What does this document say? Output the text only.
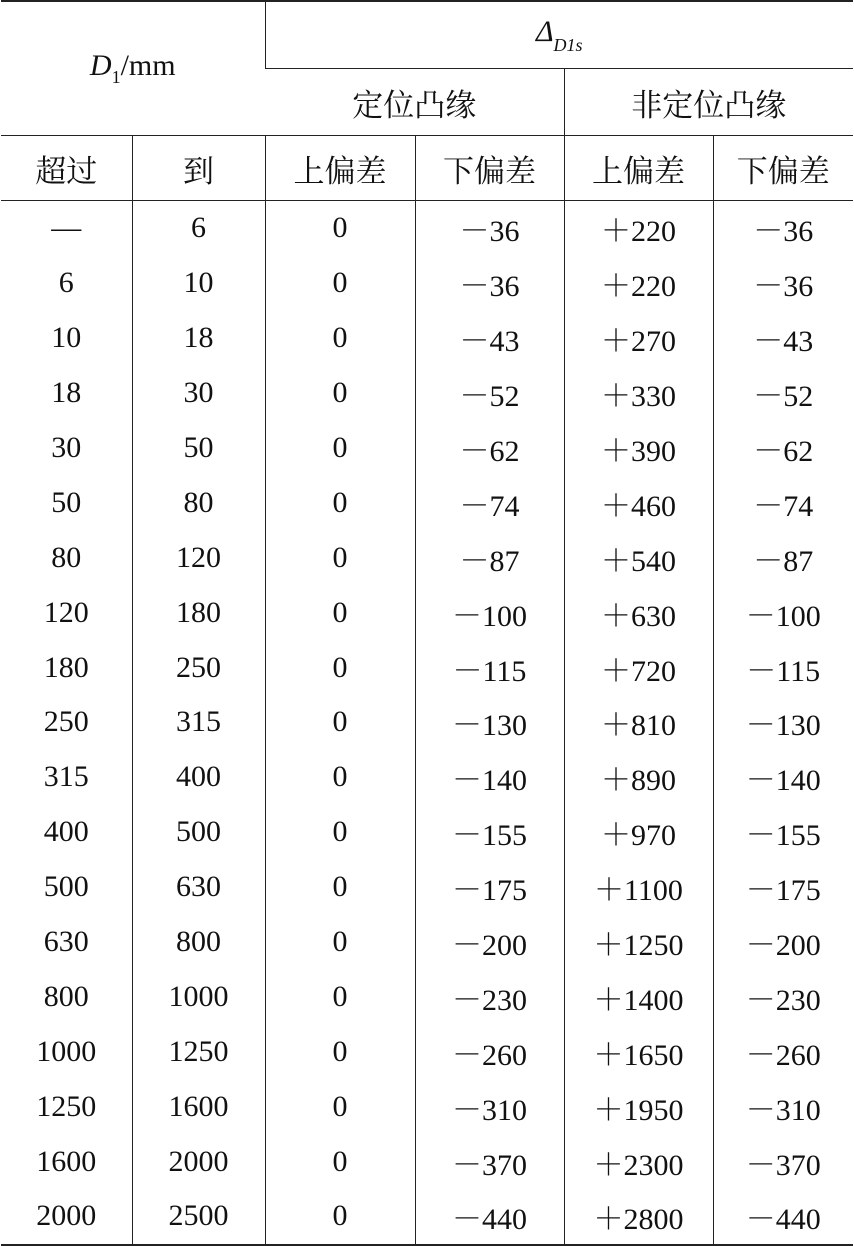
$D_1/mm$		$\Delta_{D1s}$
		定位凸缘		非定位凸缘	
超过	到	上偏差	下偏差	上偏差	下偏差
—	6	0	－36	＋220	－36
6	10	0	－36	＋220	－36
10	18	0	－43	＋270	－43
18	30	0	－52	＋330	－52
30	50	0	－62	＋390	－62
50	80	0	－74	＋460	－74
80	120	0	－87	＋540	－87
120	180	0	－100	＋630	－100
180	250	0	－115	＋720	－115
250	315	0	－130	＋810	－130
315	400	0	－140	＋890	－140
400	500	0	－155	＋970	－155
500	630	0	－175	＋1100	－175
630	800	0	－200	＋1250	－200
800	1000	0	－230	＋1400	－230
1000	1250	0	－260	＋1650	－260
1250	1600	0	－310	＋1950	－310
1600	2000	0	－370	＋2300	－370
2000	2500	0	－440	＋2800	－440
